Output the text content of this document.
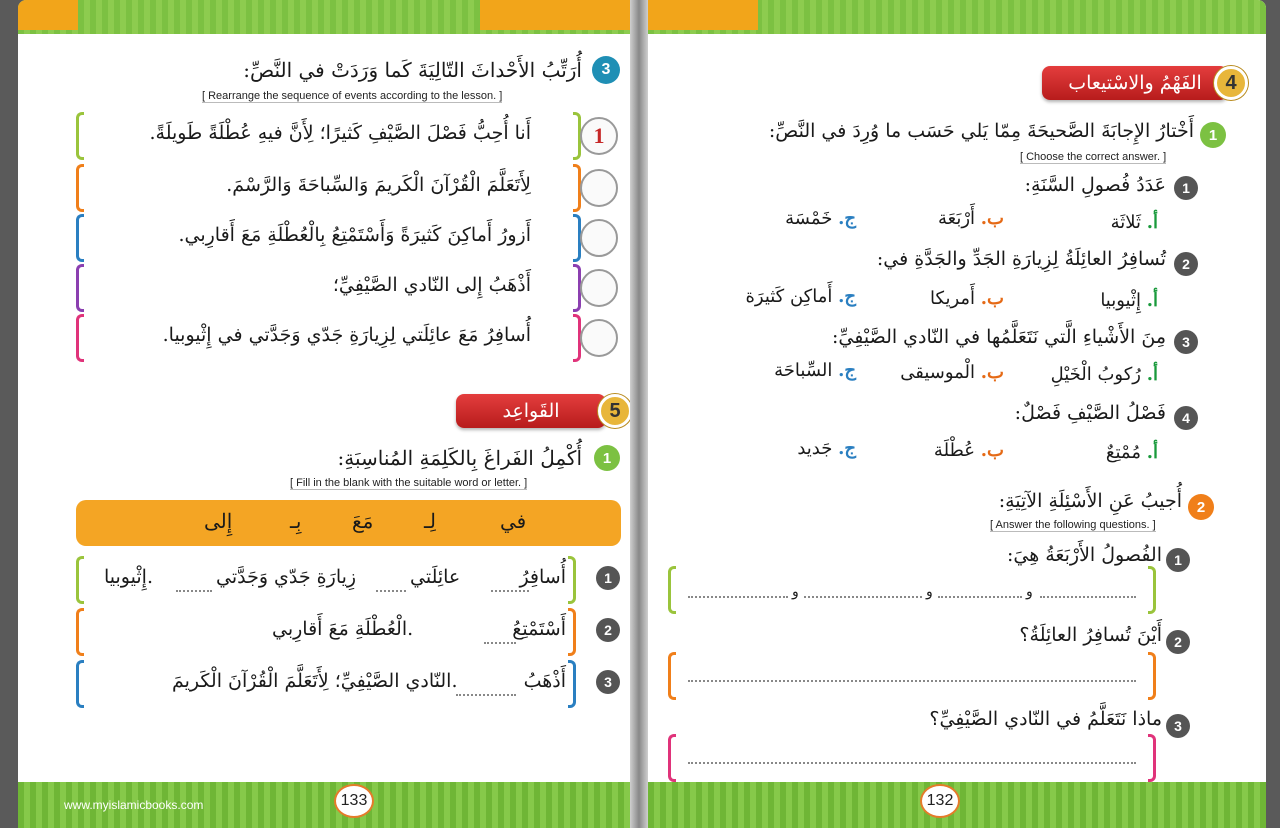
3
أُرَتِّبُ الأَحْداثَ التّالِيَةَ كَما وَرَدَتْ في النَّصِّ:
[ Rearrange the sequence of events according to the lesson. ]
أَنا أُحِبُّ فَصْلَ الصَّيْفِ كَثيرًا؛ لِأَنَّ فيهِ عُطْلَةً طَويلَةً.	1
لِأَتَعَلَّمَ الْقُرْآنَ الْكَريمَ وَالسِّباحَةَ وَالرَّسْمَ.
أَزورُ أَماكِنَ كَثيرَةً وَأَسْتَمْتِعُ بِالْعُطْلَةِ مَعَ أَقارِبي.
أَذْهَبُ إِلى النّادي الصَّيْفِيِّ؛
أُسافِرُ مَعَ عائِلَتي لِزِيارَةِ جَدّي وَجَدَّتي في إِثْيوبيا.
القَواعِد	5
1
أُكْمِلُ الفَراغَ بِالكَلِمَةِ المُناسِبَةِ:
[ Fill in the blank with the suitable word or letter. ]
في
لِـ
مَعَ
بِـ
إِلى
1
أُسافِرُ
عائِلَتي
زِيارَةِ جَدّي وَجَدَّتي
إِثْيوبيا.
2
أَسْتَمْتِعُ
الْعُطْلَةِ مَعَ أَقارِبي.
3
أَذْهَبُ
النّادي الصَّيْفِيِّ؛ لِأَتَعَلَّمَ الْقُرْآنَ الْكَريمَ.
www.myislamicbooks.com	133
الفَهْمُ والاسْتيعاب	4
1
أَخْتارُ الإِجابَةَ الصَّحيحَةَ مِمّا يَلي حَسَب ما وُرِدَ في النَّصِّ:
[ Choose the correct answer. ]
1
عَدَدُ فُصولِ السَّنَةِ:
أ. ثَلاثَة
ب. أَرْبَعَة
ج. خَمْسَة
2
تُسافِرُ العائِلَةُ لِزِيارَةِ الجَدِّ والجَدَّةِ في:
أ. إِثْيوبيا
ب. أَمريكا
ج. أَماكِن كَثيرَة
3
مِنَ الأَشْياءِ الَّتي نَتَعَلَّمُها في النّادي الصَّيْفِيِّ:
أ. رُكوبُ الْخَيْلِ
ب. الْموسيقى
ج. السِّباحَة
4
فَصْلُ الصَّيْفِ فَصْلٌ:
أ. مُمْتِعٌ
ب. عُطْلَة
ج. جَديد
2
أُجيبُ عَنِ الأَسْئِلَةِ الآتِيَةِ:
[ Answer the following questions. ]
1
الفُصولُ الأَرْبَعَةُ هِيَ:
و	و	و
2
أَيْنَ تُسافِرُ العائِلَةُ؟
3
ماذا نَتَعَلَّمُ في النّادي الصَّيْفِيِّ؟
132
